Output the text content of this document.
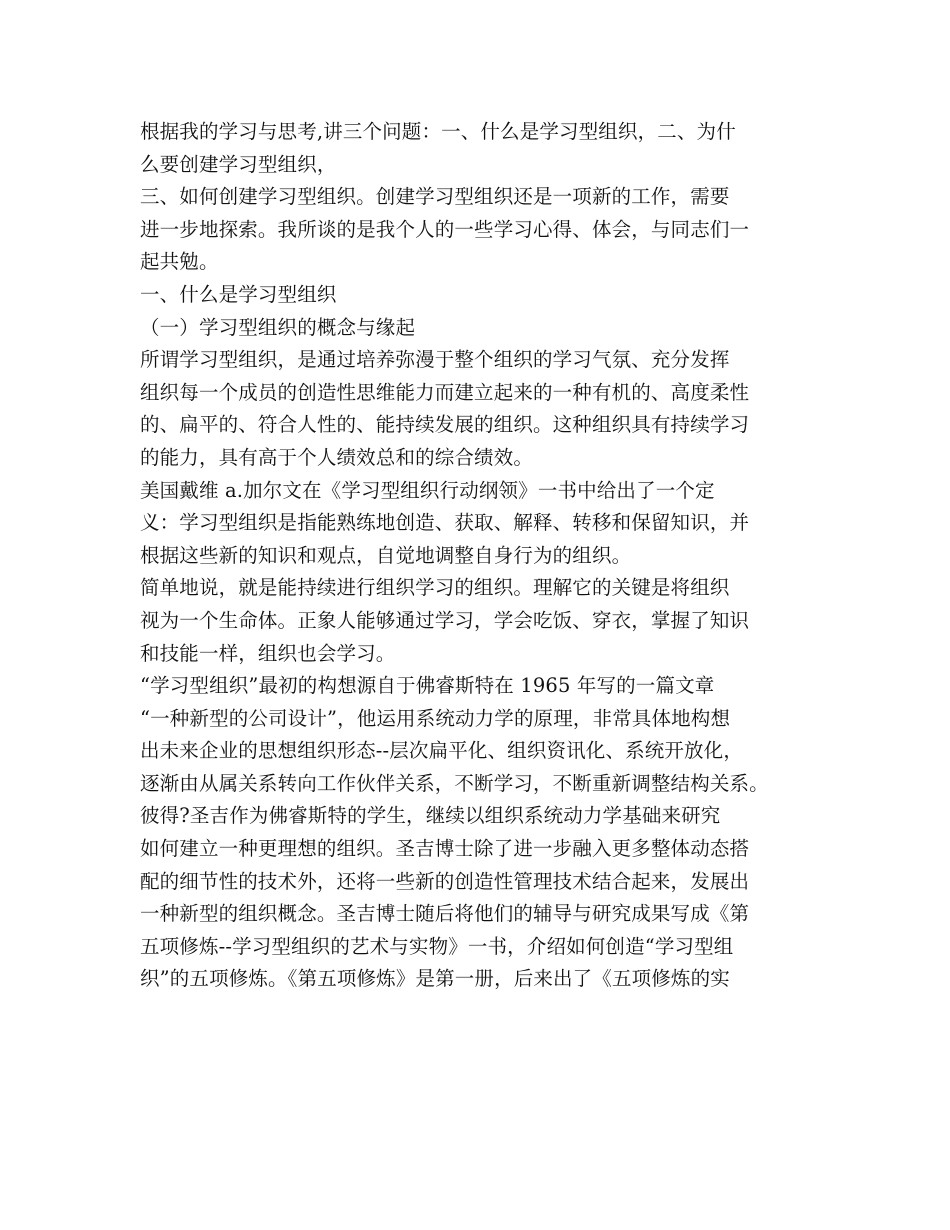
根据我的学习与思考,讲三个问题：一、什么是学习型组织，二、为什
么要创建学习型组织，
三、如何创建学习型组织。创建学习型组织还是一项新的工作，需要
进一步地探索。我所谈的是我个人的一些学习心得、体会，与同志们一
起共勉。
一、什么是学习型组织
（一）学习型组织的概念与缘起
所谓学习型组织，是通过培养弥漫于整个组织的学习气氛、充分发挥
组织每一个成员的创造性思维能力而建立起来的一种有机的、高度柔性
的、扁平的、符合人性的、能持续发展的组织。这种组织具有持续学习
的能力，具有高于个人绩效总和的综合绩效。
美国戴维 a.加尔文在《学习型组织行动纲领》一书中给出了一个定
义：学习型组织是指能熟练地创造、获取、解释、转移和保留知识，并
根据这些新的知识和观点，自觉地调整自身行为的组织。
简单地说，就是能持续进行组织学习的组织。理解它的关键是将组织
视为一个生命体。正象人能够通过学习，学会吃饭、穿衣，掌握了知识
和技能一样，组织也会学习。
“学习型组织”最初的构想源自于佛睿斯特在 1965 年写的一篇文章
“一种新型的公司设计”，他运用系统动力学的原理，非常具体地构想
出未来企业的思想组织形态--层次扁平化、组织资讯化、系统开放化，
逐渐由从属关系转向工作伙伴关系，不断学习，不断重新调整结构关系。
彼得?圣吉作为佛睿斯特的学生，继续以组织系统动力学基础来研究
如何建立一种更理想的组织。圣吉博士除了进一步融入更多整体动态搭
配的细节性的技术外，还将一些新的创造性管理技术结合起来，发展出
一种新型的组织概念。圣吉博士随后将他们的辅导与研究成果写成《第
五项修炼--学习型组织的艺术与实物》一书，介绍如何创造“学习型组
织”的五项修炼。《第五项修炼》是第一册，后来出了《五项修炼的实
